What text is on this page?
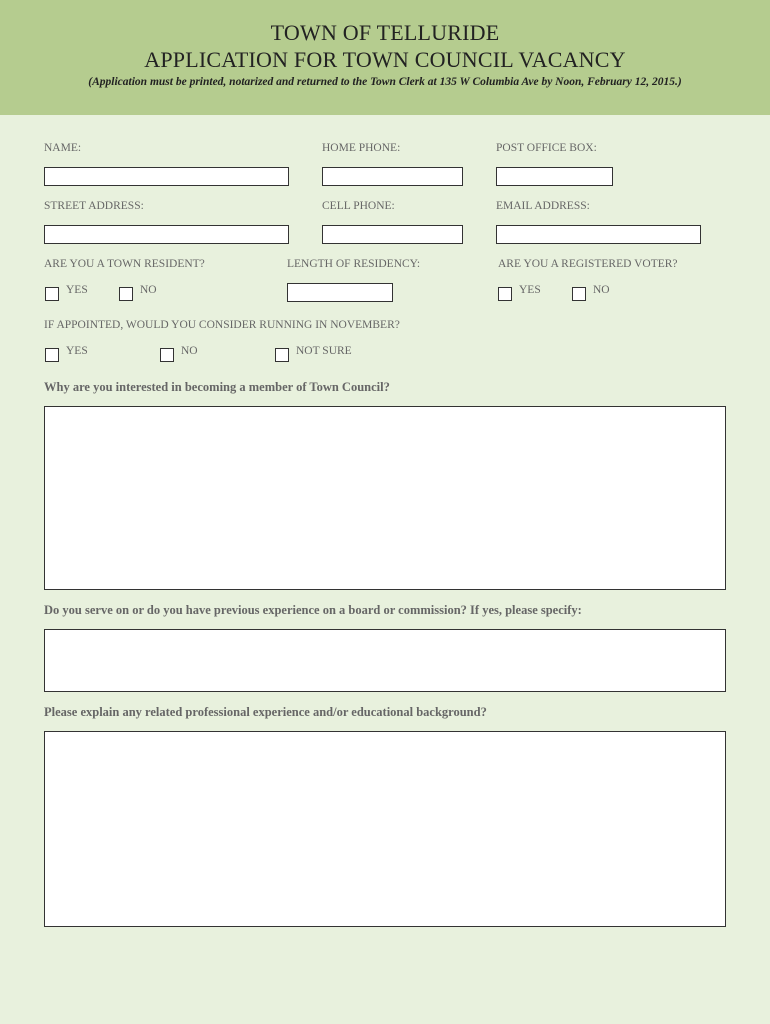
TOWN OF TELLURIDE
APPLICATION FOR TOWN COUNCIL VACANCY
(Application must be printed, notarized and returned to the Town Clerk at 135 W Columbia Ave by Noon, February 12, 2015.)
NAME:	HOME PHONE:	POST OFFICE BOX:
STREET ADDRESS:	CELL PHONE:	EMAIL ADDRESS:
ARE YOU A TOWN RESIDENT?	LENGTH OF RESIDENCY:	ARE YOU A REGISTERED VOTER?
YES	NO	YES	NO
IF APPOINTED, WOULD YOU CONSIDER RUNNING IN NOVEMBER?
YES	NO	NOT SURE
Why are you interested in becoming a member of Town Council?
Do you serve on or do you have previous experience on a board or commission? If yes, please specify:
Please explain any related professional experience and/or educational background?
